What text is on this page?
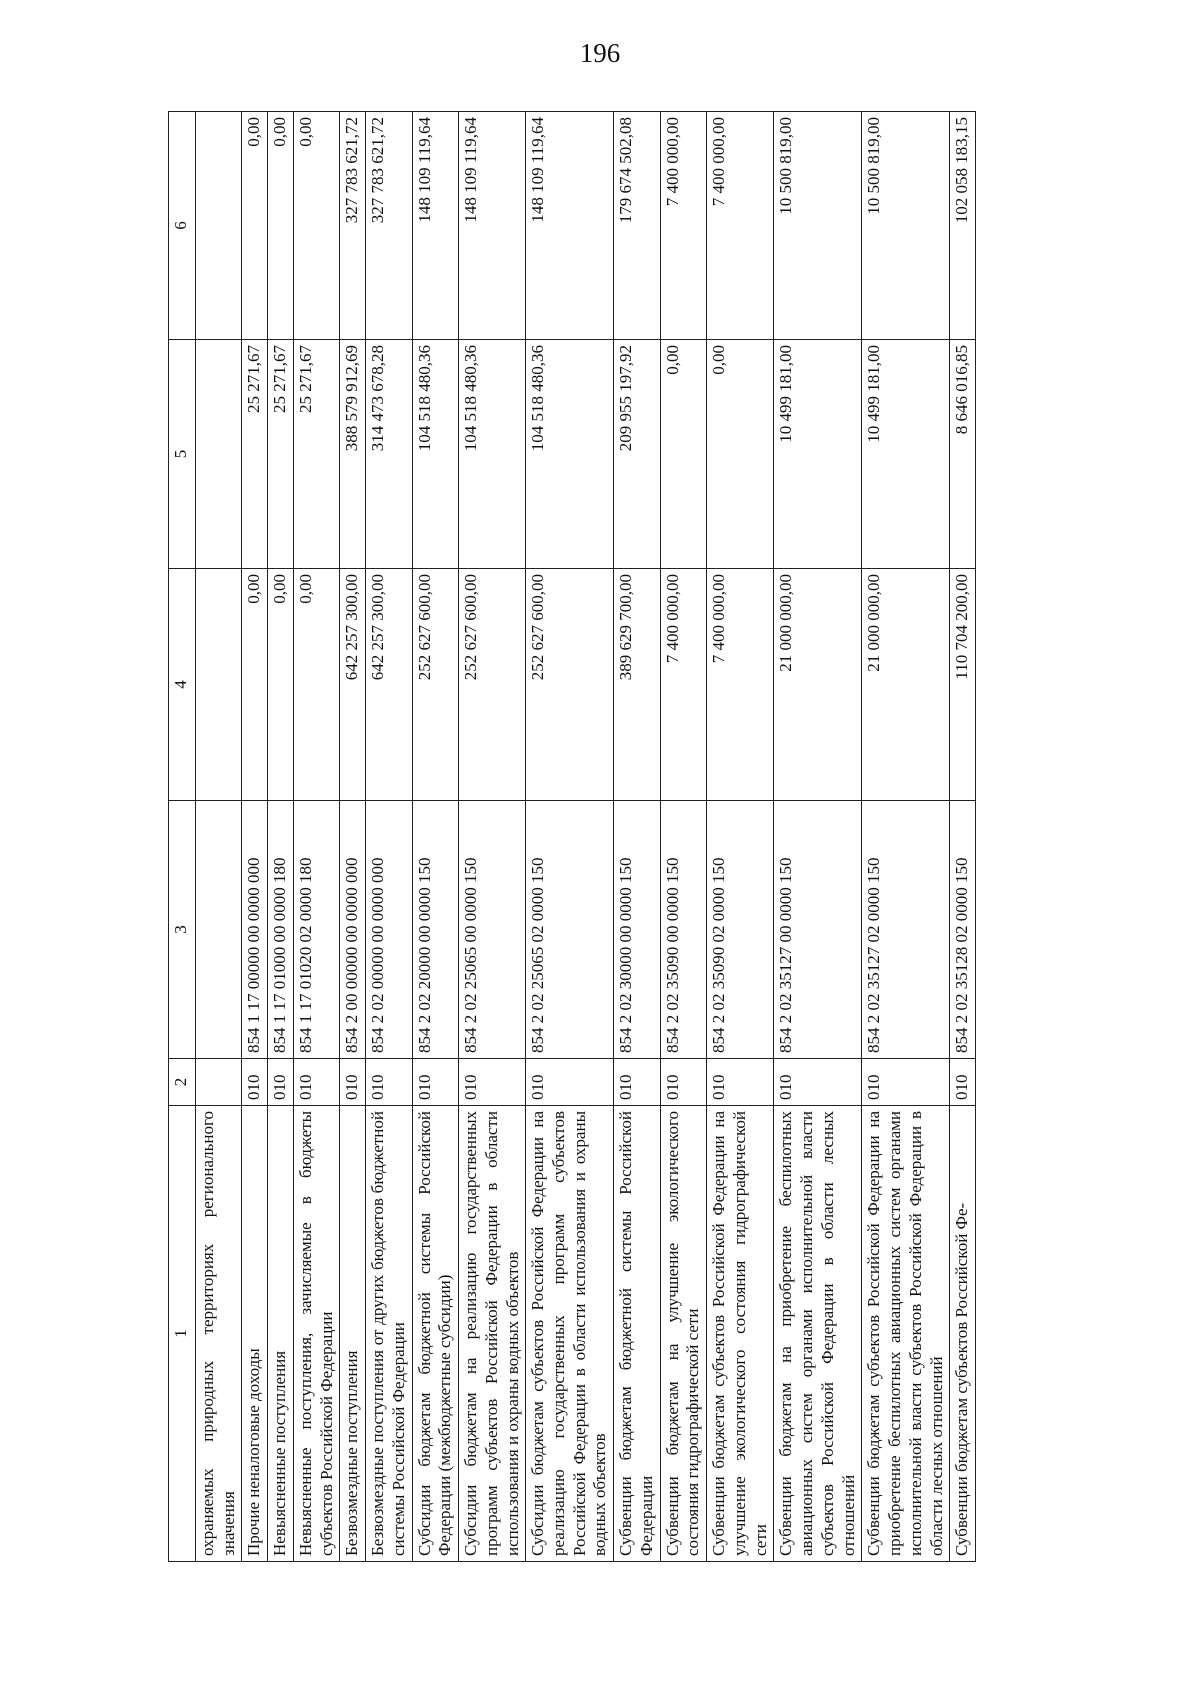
196
1	2	3	4	5	6
охраняемых природных территориях регионального значения					
Прочие неналоговые доходы	010	854 1 17 00000 00 0000 000	0,00	25 271,67	0,00
Невыясненные поступления	010	854 1 17 01000 00 0000 180	0,00	25 271,67	0,00
Невыясненные поступления, зачисляемые в бюджеты субъектов Российской Федерации	010	854 1 17 01020 02 0000 180	0,00	25 271,67	0,00
Безвозмездные поступления	010	854 2 00 00000 00 0000 000	642 257 300,00	388 579 912,69	327 783 621,72
Безвозмездные поступления от других бюджетов бюджетной системы Российской Федерации	010	854 2 02 00000 00 0000 000	642 257 300,00	314 473 678,28	327 783 621,72
Субсидии бюджетам бюджетной системы Российской Федерации (межбюджетные субсидии)	010	854 2 02 20000 00 0000 150	252 627 600,00	104 518 480,36	148 109 119,64
Субсидии бюджетам на реализацию государственных программ субъектов Российской Федерации в области использования и охраны водных объектов	010	854 2 02 25065 00 0000 150	252 627 600,00	104 518 480,36	148 109 119,64
Субсидии бюджетам субъектов Российской Федерации на реализацию государственных программ субъектов Российской Федерации в области использования и охраны водных объектов	010	854 2 02 25065 02 0000 150	252 627 600,00	104 518 480,36	148 109 119,64
Субвенции бюджетам бюджетной системы Российской Федерации	010	854 2 02 30000 00 0000 150	389 629 700,00	209 955 197,92	179 674 502,08
Субвенции бюджетам на улучшение экологического состояния гидрографической сети	010	854 2 02 35090 00 0000 150	7 400 000,00	0,00	7 400 000,00
Субвенции бюджетам субъектов Российской Федерации на улучшение экологического состояния гидрографической сети	010	854 2 02 35090 02 0000 150	7 400 000,00	0,00	7 400 000,00
Субвенции бюджетам на приобретение беспилотных авиационных систем органами исполнительной власти субъектов Российской Федерации в области лесных отношений	010	854 2 02 35127 00 0000 150	21 000 000,00	10 499 181,00	10 500 819,00
Субвенции бюджетам субъектов Российской Федерации на приобретение беспилотных авиационных систем органами исполнительной власти субъектов Российской Федерации в области лесных отношений	010	854 2 02 35127 02 0000 150	21 000 000,00	10 499 181,00	10 500 819,00
Субвенции бюджетам субъектов Российской Фе-	010	854 2 02 35128 02 0000 150	110 704 200,00	8 646 016,85	102 058 183,15
